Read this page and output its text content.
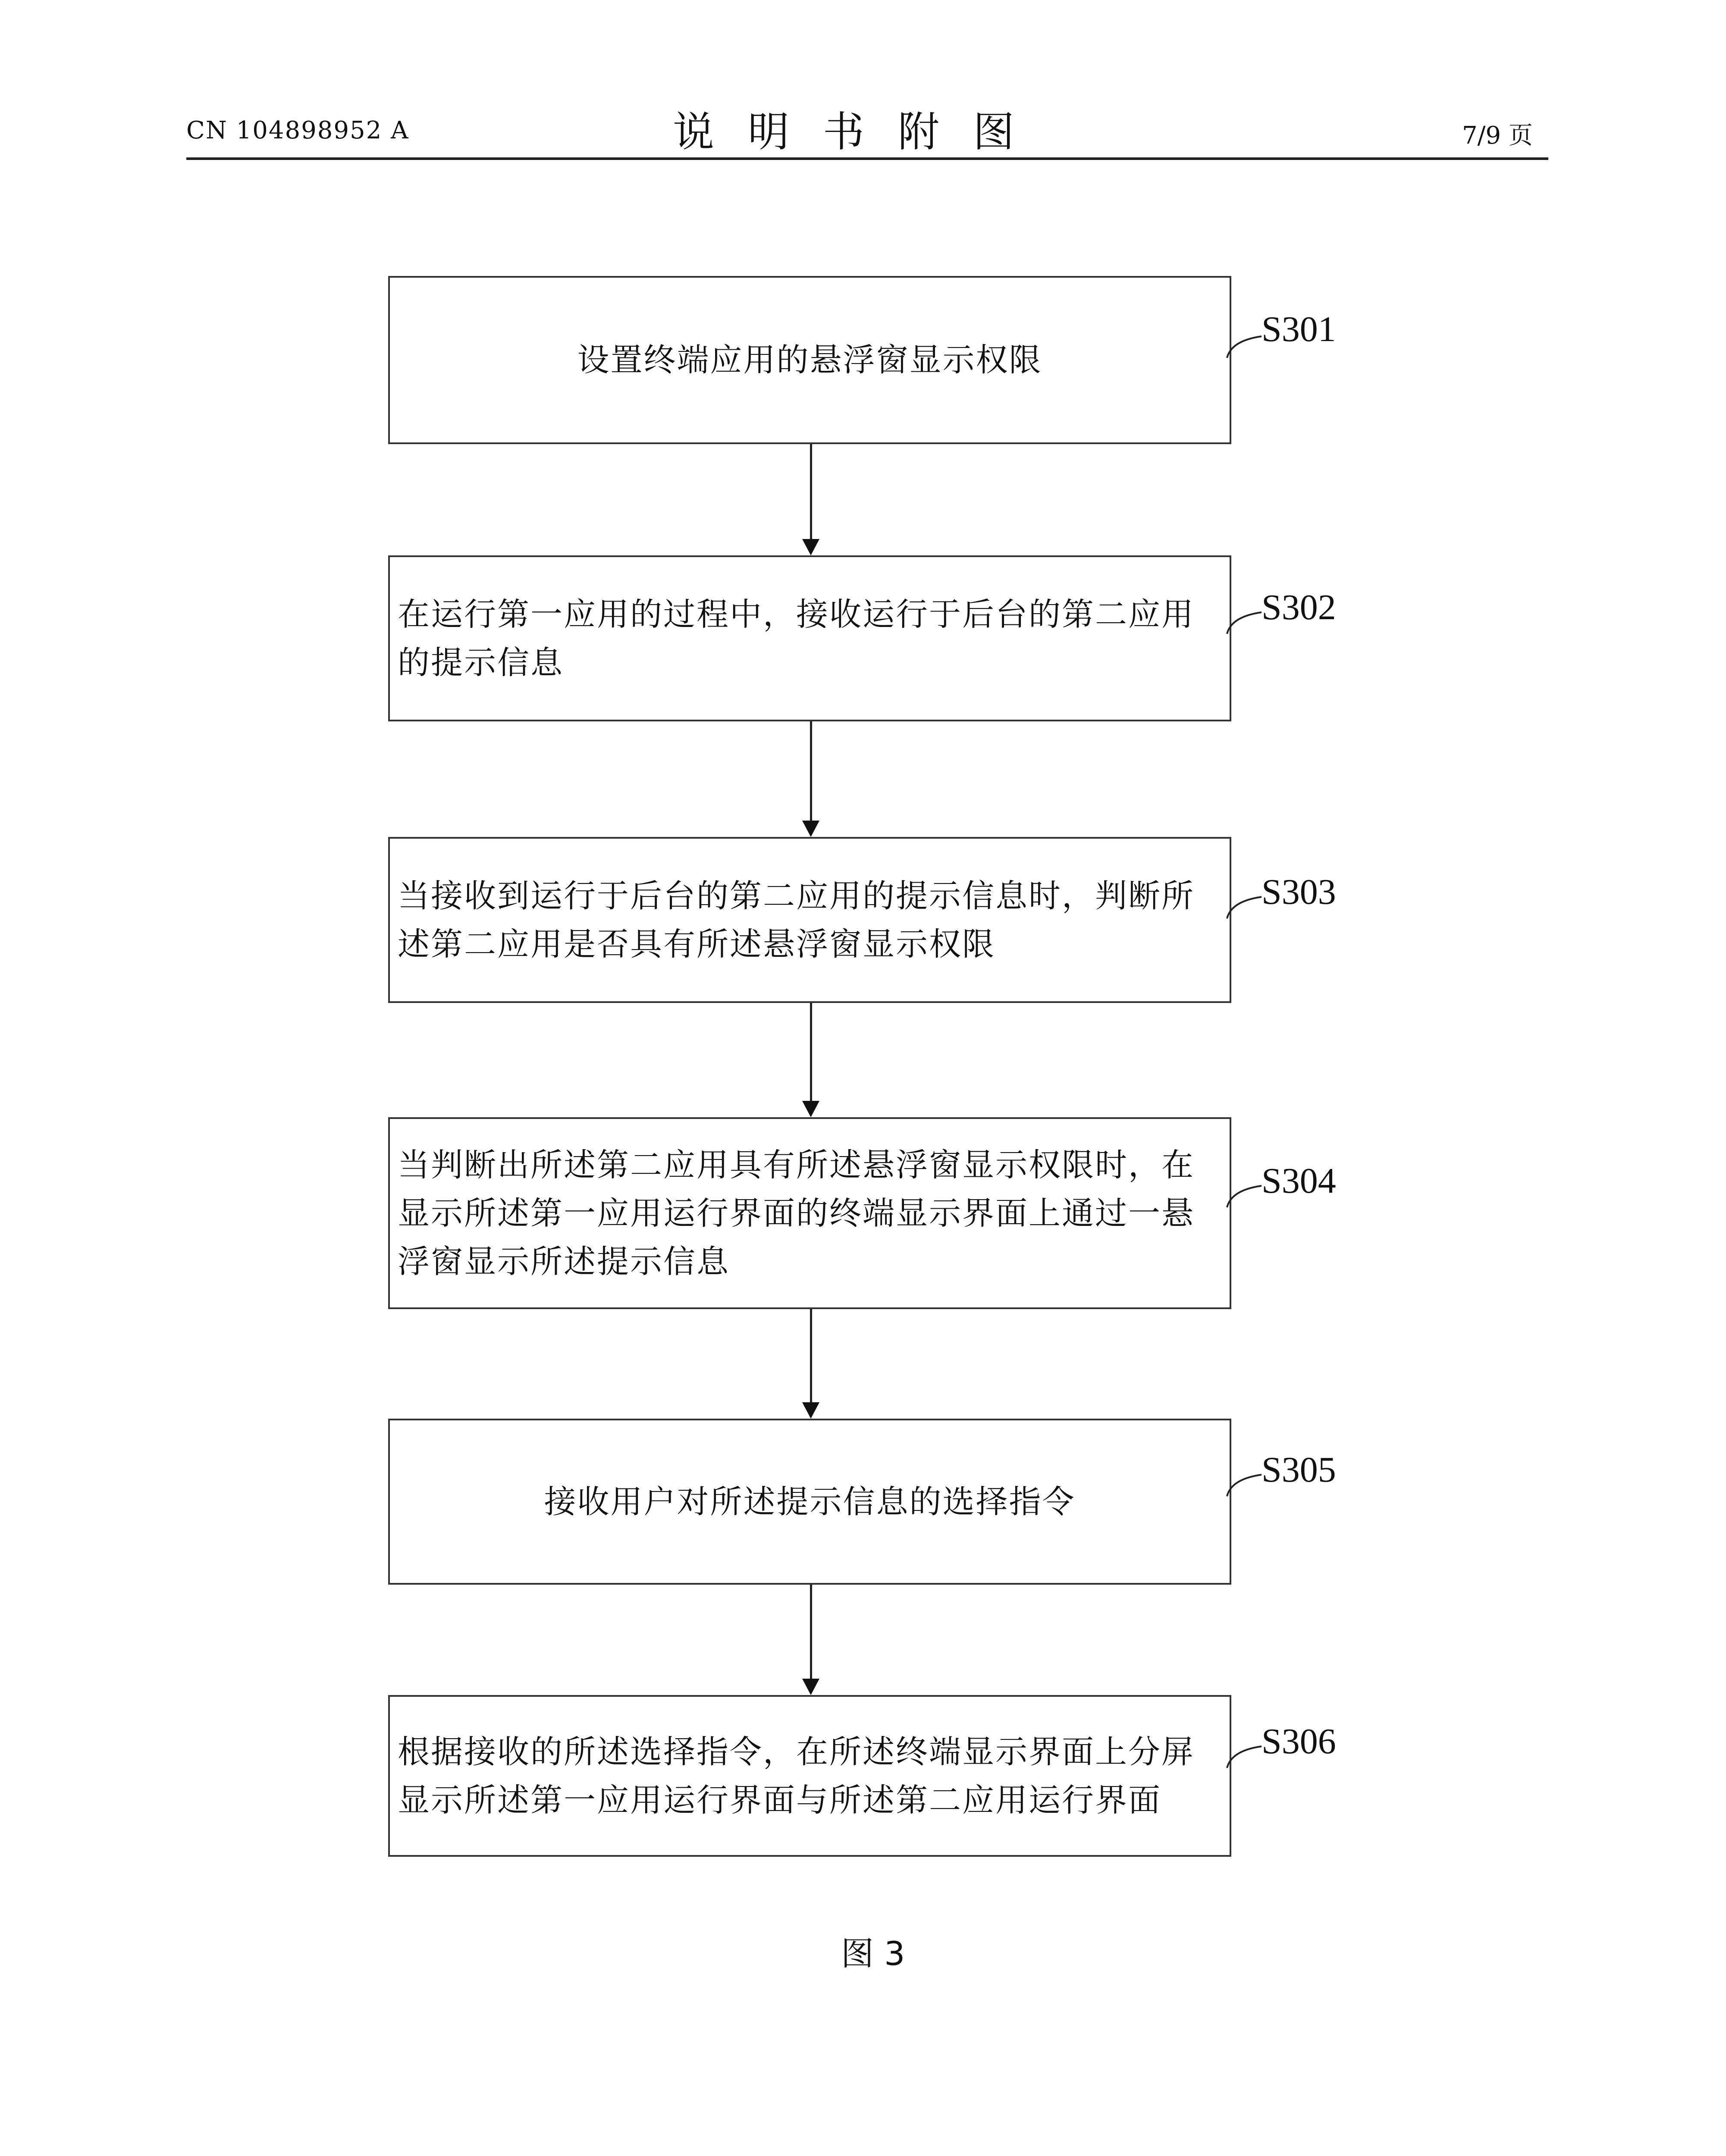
CN 104898952 A	说明书附图	7/9 页
设置终端应用的悬浮窗显示权限
S301
在运行第一应用的过程中，接收运行于后台的第二应用的提示信息
S302
当接收到运行于后台的第二应用的提示信息时，判断所述第二应用是否具有所述悬浮窗显示权限
S303
当判断出所述第二应用具有所述悬浮窗显示权限时，在显示所述第一应用运行界面的终端显示界面上通过一悬浮窗显示所述提示信息
S304
接收用户对所述提示信息的选择指令
S305
根据接收的所述选择指令，在所述终端显示界面上分屏显示所述第一应用运行界面与所述第二应用运行界面
S306
图 3
